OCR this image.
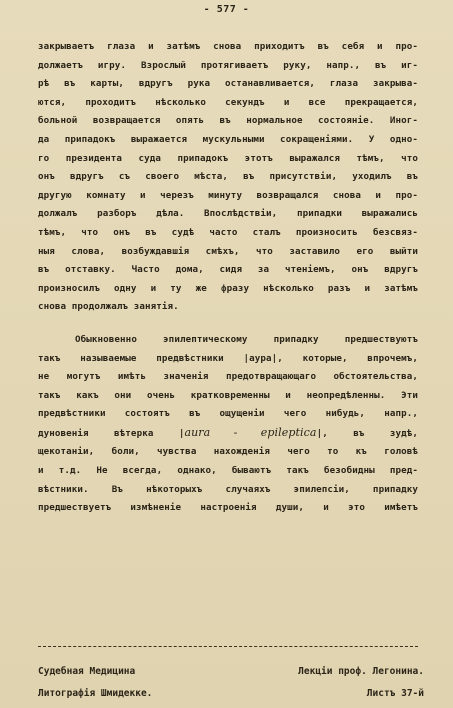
- 577 -
закрываетъ глаза и затѣмъ снова приходитъ въ себя и про-
должаетъ игру. Взрослый протягиваетъ руку, напр., въ иг-
рѣ въ карты, вдругъ рука останавливается, глаза закрыва-
ются, проходитъ нѣсколько секундъ и все прекращается,
больной возвращается опять въ нормальное состояніе. Иног-
да припадокъ выражается мускульными сокращеніями. У одно-
го президента суда припадокъ этотъ выражался тѣмъ, что
онъ вдругъ съ своего мѣста, въ присутствіи, уходилъ въ
другую комнату и черезъ минуту возвращался снова и про-
должалъ разборъ дѣла. Впослѣдствіи, припадки выражались
тѣмъ, что онъ въ судѣ часто сталъ произносить безсвяз-
ныя слова, возбуждавшія смѣхъ, что заставило его выйти
въ отставку. Часто дома, сидя за чтеніемъ, онъ вдругъ
произносилъ одну и ту же фразу нѣсколько разъ и затѣмъ
снова продолжалъ занятія.
Обыкновенно эпилептическому припадку предшествуютъ
такъ называемые предвѣстники |аура|, которые, впрочемъ,
не могутъ имѣть значенія предотвращающаго обстоятельства,
такъ какъ они очень кратковременны и неопредѣленны. Эти
предвѣстники состоятъ въ ощущеніи чего нибудь, напр.,
дуновенія вѣтерка |aura - epileptica|, въ зудѣ,
щекотаніи, боли, чувства нахожденія чего то къ головѣ
и т.д. Не всегда, однако, бываютъ такъ безобидны пред-
вѣстники. Въ нѣкоторыхъ случаяхъ эпилепсіи, припадку
предшествуетъ измѣненіе настроенія души, и это имѣетъ
Судебная Медицина	Лекціи проф. Легонина.
Литографія Шмидекке.	Листъ 37-й
